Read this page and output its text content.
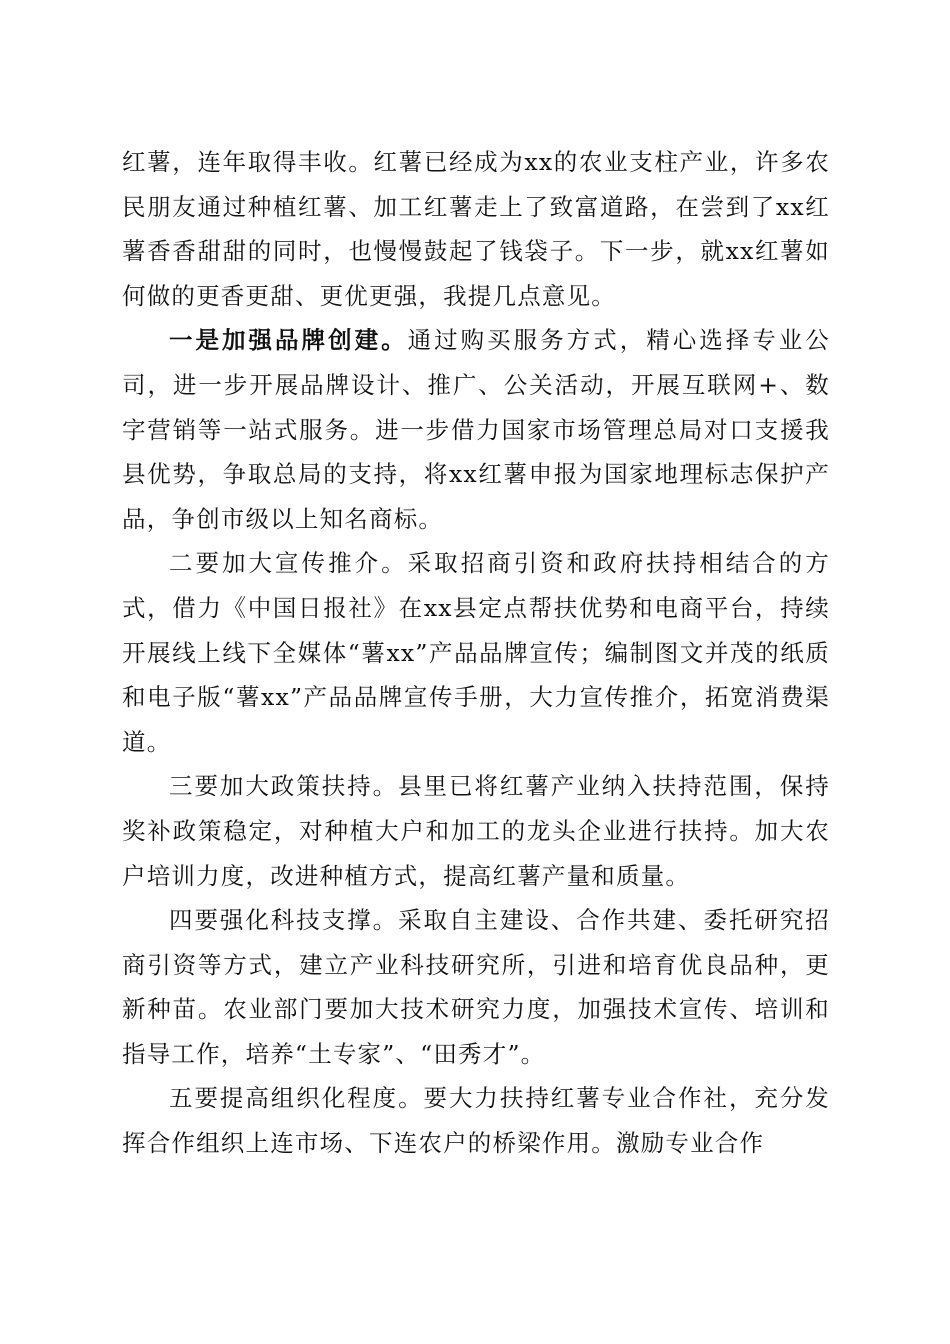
红薯，连年取得丰收。红薯已经成为xx的农业支柱产业，许多农民朋友通过种植红薯、加工红薯走上了致富道路，在尝到了xx红薯香香甜甜的同时，也慢慢鼓起了钱袋子。下一步，就xx红薯如何做的更香更甜、更优更强，我提几点意见。

一是加强品牌创建。通过购买服务方式，精心选择专业公司，进一步开展品牌设计、推广、公关活动，开展互联网+、数字营销等一站式服务。进一步借力国家市场管理总局对口支援我县优势，争取总局的支持，将xx红薯申报为国家地理标志保护产品，争创市级以上知名商标。

二要加大宣传推介。采取招商引资和政府扶持相结合的方式，借力《中国日报社》在xx县定点帮扶优势和电商平台，持续开展线上线下全媒体“薯xx”产品品牌宣传；编制图文并茂的纸质和电子版“薯xx”产品品牌宣传手册，大力宣传推介，拓宽消费渠道。

三要加大政策扶持。县里已将红薯产业纳入扶持范围，保持奖补政策稳定，对种植大户和加工的龙头企业进行扶持。加大农户培训力度，改进种植方式，提高红薯产量和质量。

四要强化科技支撑。采取自主建设、合作共建、委托研究招商引资等方式，建立产业科技研究所，引进和培育优良品种，更新种苗。农业部门要加大技术研究力度，加强技术宣传、培训和指导工作，培养“土专家”、“田秀才”。

五要提高组织化程度。要大力扶持红薯专业合作社，充分发挥合作组织上连市场、下连农户的桥梁作用。激励专业合作
